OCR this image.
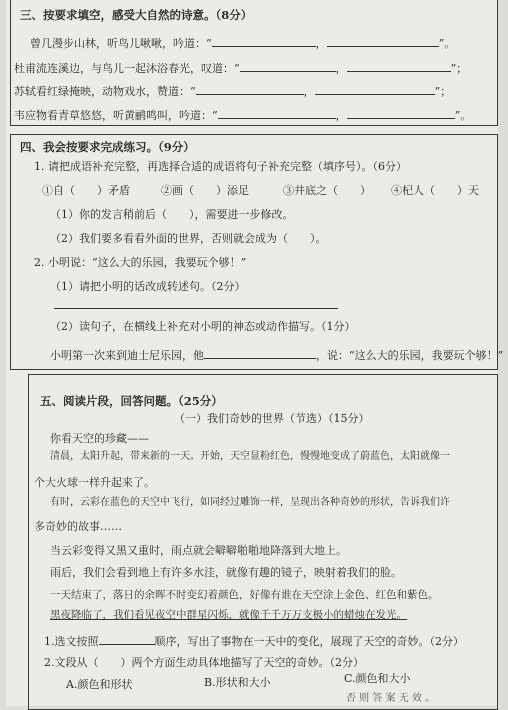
三、按要求填空，感受大自然的诗意。（8分）
曾几漫步山林，听鸟儿啾啾，吟道：“	，	”。
杜甫流连溪边，与鸟儿一起沐浴春光，叹道：“	，	”；
苏轼看红绿掩映，动物戏水，赞道：“	，	”；
韦应物看青草悠悠，听黄鹂鸣叫，吟道：“	，	”。
四、我会按要求完成练习。（9分）
1. 请把成语补充完整，再选择合适的成语将句子补充完整（填序号）。（6分）
①自（　　）矛盾	②画（　　）添足	③井底之（　　） ④杞人（　　）天
（1）你的发言稍前后（　　），需要进一步修改。
（2）我们要多看看外面的世界，否则就会成为（　　）。
2. 小明说：“这么大的乐园，我要玩个够！”
（1）请把小明的话改成转述句。（2分）
（2）读句子，在横线上补充对小明的神态或动作描写。（1分）
小明第一次来到迪士尼乐园，他	，说：“这么大的乐园，我要玩个够！”
五、阅读片段，回答问题。（25分）
（一）我们奇妙的世界（节选）（15分）
你看天空的珍藏——
清晨，太阳升起，带来新的一天。开始，天空显粉红色，慢慢地变成了蔚蓝色，太阳就像一
个大火球一样升起来了。
有时，云彩在蓝色的天空中飞行，如同经过雕饰一样，呈现出各种奇妙的形状，告诉我们许
多奇妙的故事……
当云彩变得又黑又重时，雨点就会噼噼啪啪地降落到大地上。
雨后，我们会看到地上有许多水洼，就像有趣的镜子，映射着我们的脸。
一天结束了，落日的余晖不时变幻着颜色，好像有谁在天空涂上金色、红色和紫色。
黑夜降临了，我们看见夜空中群星闪烁，就像千千万万支极小的蜡烛在发光。
1.选文按照	顺序，写出了事物在一天中的变化，展现了天空的奇妙。（2分）
2.文段从（　　）两个方面生动具体地描写了天空的奇妙。（2分）
A.颜色和形状	B.形状和大小	C.颜色和大小
否 则 答 案 无 效 。
